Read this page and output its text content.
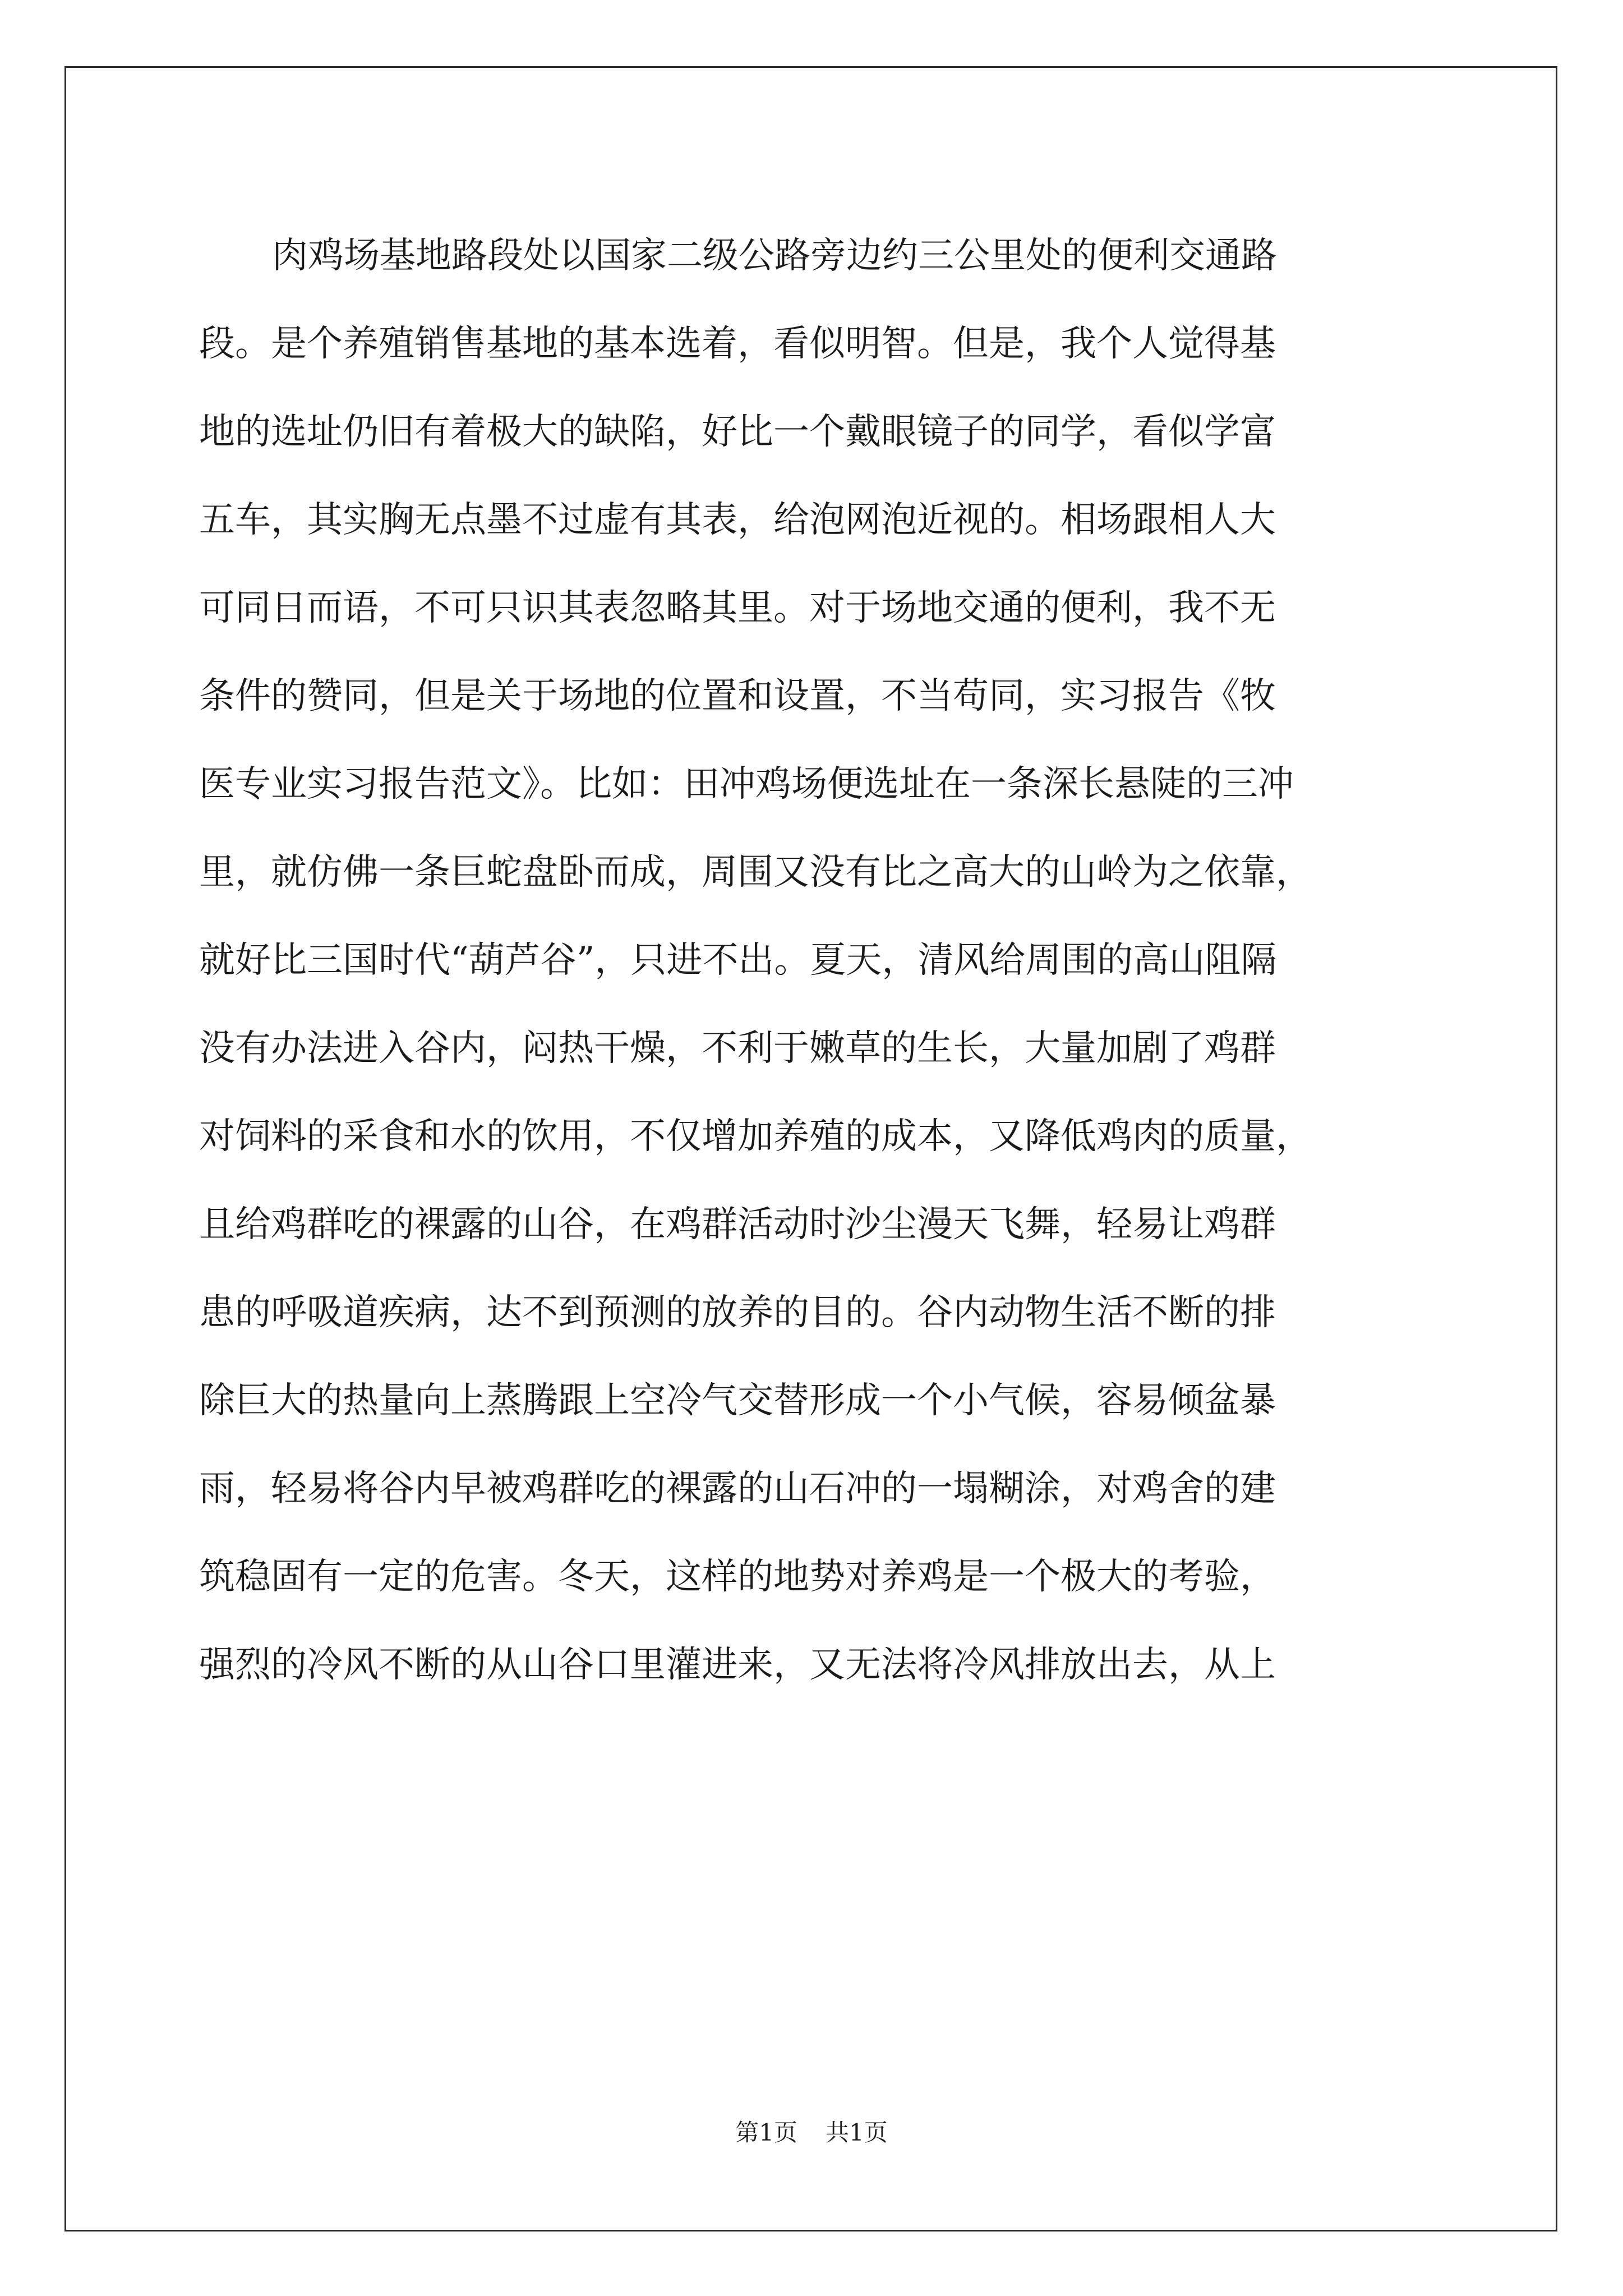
肉鸡场基地路段处以国家二级公路旁边约三公里处的便利交通路
段。是个养殖销售基地的基本选着，看似明智。但是，我个人觉得基
地的选址仍旧有着极大的缺陷，好比一个戴眼镜子的同学，看似学富
五车，其实胸无点墨不过虚有其表，给泡网泡近视的。相场跟相人大
可同日而语，不可只识其表忽略其里。对于场地交通的便利，我不无
条件的赞同，但是关于场地的位置和设置，不当苟同，实习报告《牧
医专业实习报告范文》。比如：田冲鸡场便选址在一条深长悬陡的三冲
里，就仿佛一条巨蛇盘卧而成，周围又没有比之高大的山岭为之依靠，
就好比三国时代“葫芦谷”，只进不出。夏天，清风给周围的高山阻隔
没有办法进入谷内，闷热干燥，不利于嫩草的生长，大量加剧了鸡群
对饲料的采食和水的饮用，不仅增加养殖的成本，又降低鸡肉的质量，
且给鸡群吃的裸露的山谷，在鸡群活动时沙尘漫天飞舞，轻易让鸡群
患的呼吸道疾病，达不到预测的放养的目的。谷内动物生活不断的排
除巨大的热量向上蒸腾跟上空冷气交替形成一个小气候，容易倾盆暴
雨，轻易将谷内早被鸡群吃的裸露的山石冲的一塌糊涂，对鸡舍的建
筑稳固有一定的危害。冬天，这样的地势对养鸡是一个极大的考验，
强烈的冷风不断的从山谷口里灌进来，又无法将冷风排放出去，从上
第1页 共1页
